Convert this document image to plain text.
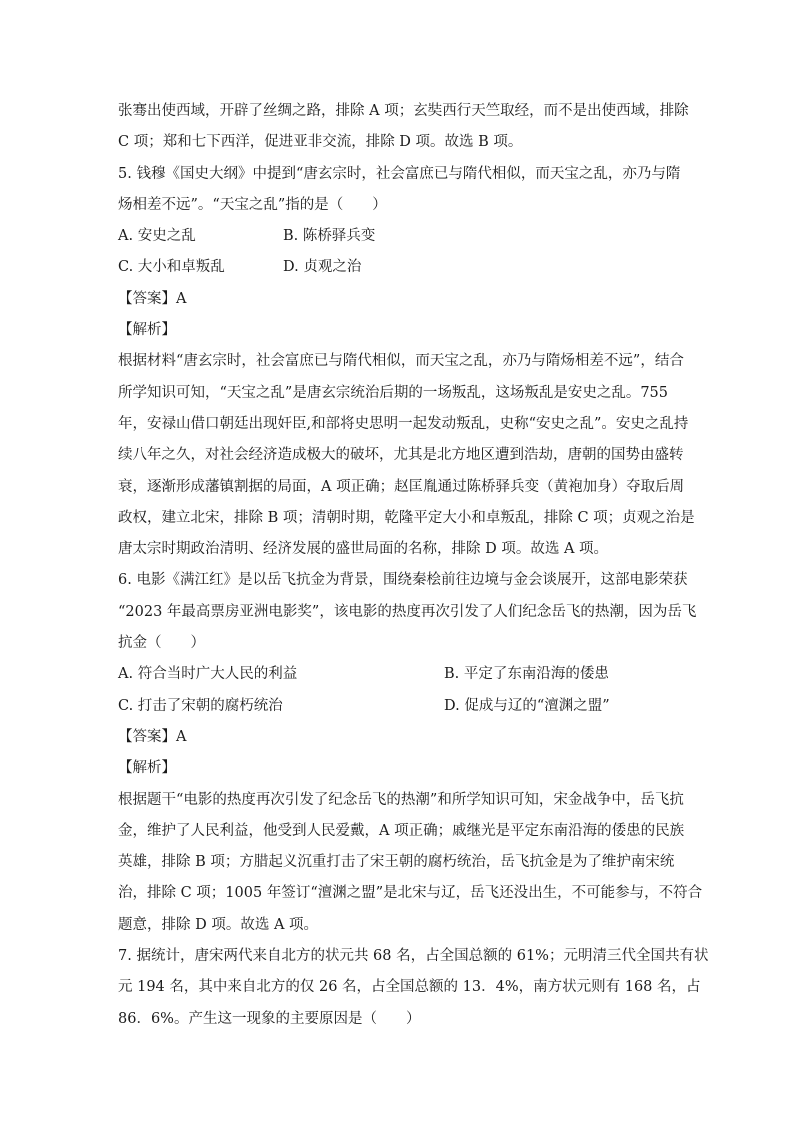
张骞出使西域，开辟了丝绸之路，排除 A 项；玄奘西行天竺取经，而不是出使西域，排除
C 项；郑和七下西洋，促进亚非交流，排除 D 项。故选 B 项。
5. 钱穆《国史大纲》中提到“唐玄宗时，社会富庶已与隋代相似，而天宝之乱，亦乃与隋
炀相差不远”。“天宝之乱”指的是（　　）
A. 安史之乱	B. 陈桥驿兵变
C. 大小和卓叛乱	D. 贞观之治
【答案】A
【解析】
根据材料“唐玄宗时，社会富庶已与隋代相似，而天宝之乱，亦乃与隋炀相差不远”，结合
所学知识可知，“天宝之乱”是唐玄宗统治后期的一场叛乱，这场叛乱是安史之乱。755
年，安禄山借口朝廷出现奸臣,和部将史思明一起发动叛乱，史称“安史之乱”。安史之乱持
续八年之久，对社会经济造成极大的破坏，尤其是北方地区遭到浩劫，唐朝的国势由盛转
衰，逐渐形成藩镇割据的局面，A 项正确；赵匡胤通过陈桥驿兵变（黄袍加身）夺取后周
政权，建立北宋，排除 B 项；清朝时期，乾隆平定大小和卓叛乱，排除 C 项；贞观之治是
唐太宗时期政治清明、经济发展的盛世局面的名称，排除 D 项。故选 A 项。
6. 电影《满江红》是以岳飞抗金为背景，围绕秦桧前往边境与金会谈展开，这部电影荣获
“2023 年最高票房亚洲电影奖”，该电影的热度再次引发了人们纪念岳飞的热潮，因为岳飞
抗金（　　）
A. 符合当时广大人民的利益	B. 平定了东南沿海的倭患
C. 打击了宋朝的腐朽统治	D. 促成与辽的“澶渊之盟”
【答案】A
【解析】
根据题干“电影的热度再次引发了纪念岳飞的热潮”和所学知识可知，宋金战争中，岳飞抗
金，维护了人民利益，他受到人民爱戴，A 项正确；戚继光是平定东南沿海的倭患的民族
英雄，排除 B 项；方腊起义沉重打击了宋王朝的腐朽统治，岳飞抗金是为了维护南宋统
治，排除 C 项；1005 年签订“澶渊之盟”是北宋与辽，岳飞还没出生，不可能参与，不符合
题意，排除 D 项。故选 A 项。
7. 据统计，唐宋两代来自北方的状元共 68 名，占全国总额的 61%；元明清三代全国共有状
元 194 名，其中来自北方的仅 26 名，占全国总额的 13．4%，南方状元则有 168 名，占
86．6%。产生这一现象的主要原因是（　　）
